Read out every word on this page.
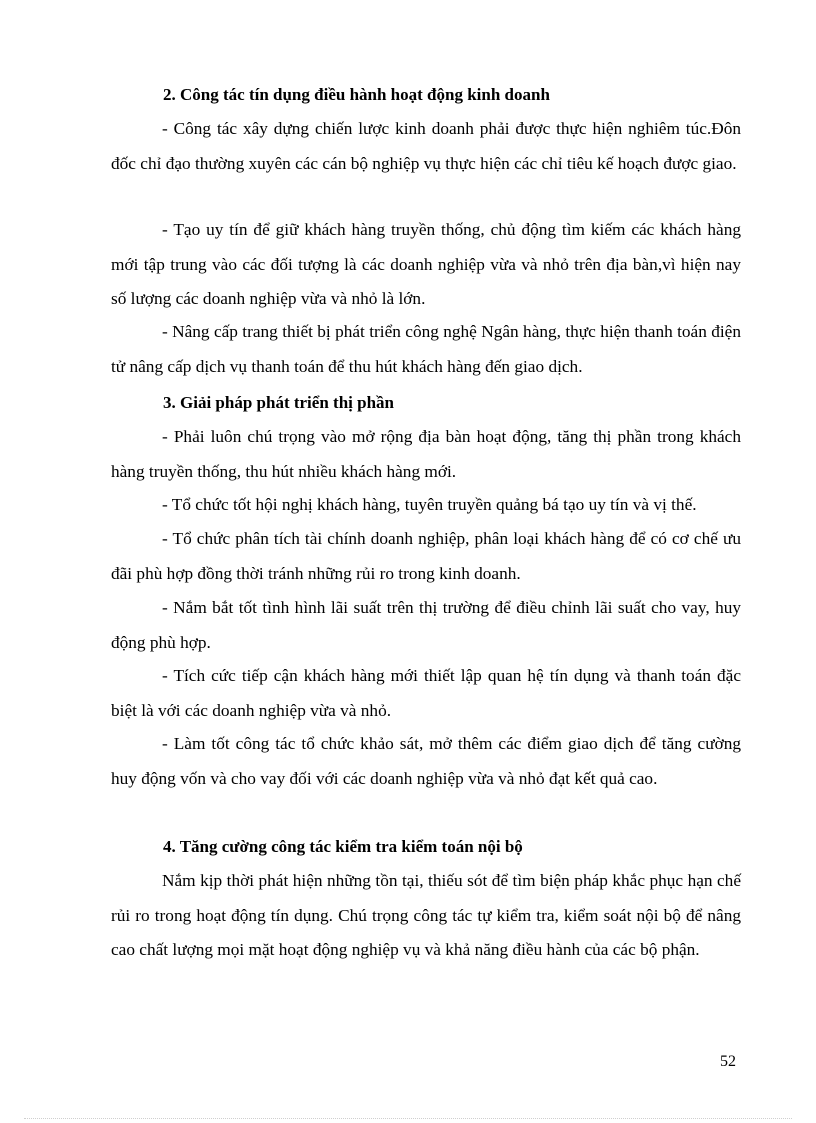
2. Công tác tín dụng điều hành hoạt động kinh doanh
- Công tác xây dựng chiến lược kinh doanh phải được thực hiện nghiêm túc.Đôn đốc chỉ đạo thường xuyên các cán bộ nghiệp vụ thực hiện các chỉ tiêu kế hoạch được giao.
- Tạo uy tín để giữ khách hàng truyền thống, chủ động tìm kiếm các khách hàng mới tập trung vào các đối tượng là các doanh nghiệp vừa và nhỏ trên địa bàn,vì hiện nay số lượng các doanh nghiệp vừa và nhỏ là lớn.
- Nâng cấp trang thiết bị phát triển công nghệ Ngân hàng, thực hiện thanh toán điện tử nâng cấp dịch vụ thanh toán để thu hút khách hàng đến giao dịch.
3. Giải pháp phát triển thị phần
- Phải luôn chú trọng vào mở rộng địa bàn hoạt động, tăng thị phần trong khách hàng truyền thống, thu hút nhiều khách hàng mới.
- Tổ chức tốt hội nghị khách hàng, tuyên truyền quảng bá tạo uy tín và vị thế.
- Tổ chức phân tích tài chính doanh nghiệp, phân loại khách hàng để có cơ chế ưu đãi phù hợp đồng thời tránh những rủi ro trong kinh doanh.
- Nắm bắt tốt tình hình lãi suất trên thị trường để điều chỉnh lãi suất cho vay, huy động phù hợp.
- Tích cức tiếp cận khách hàng mới thiết lập quan hệ tín dụng và thanh toán đặc biệt là với các doanh nghiệp vừa và nhỏ.
- Làm tốt công tác tổ chức khảo sát, mở thêm các điểm giao dịch để tăng cường huy động vốn và cho vay đối với các doanh nghiệp vừa và nhỏ đạt kết quả cao.
4. Tăng cường công tác kiểm tra kiểm toán nội bộ
Nắm kịp thời phát hiện những tồn tại, thiếu sót để tìm biện pháp khắc phục hạn chế rủi ro trong hoạt động tín dụng. Chú trọng công tác tự kiểm tra, kiểm soát nội bộ để nâng cao chất lượng mọi mặt hoạt động nghiệp vụ và khả năng điều hành của các bộ phận.
52
